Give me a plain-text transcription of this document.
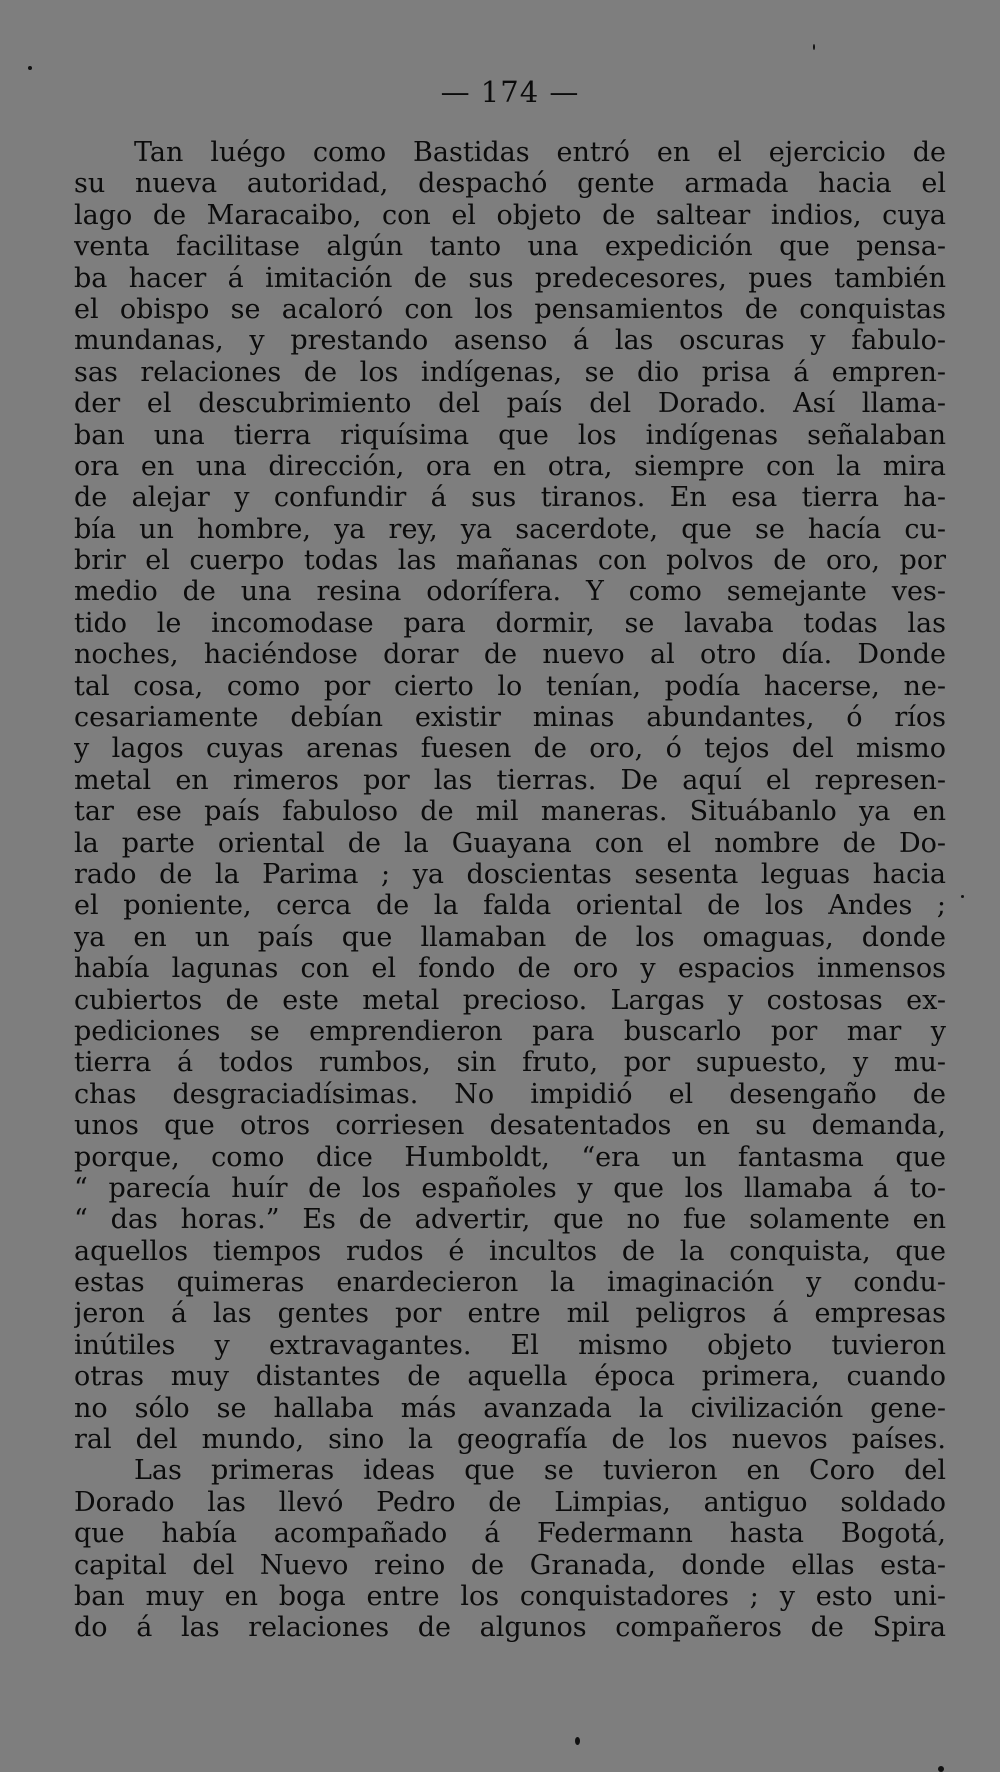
— 174 —
Tan luégo como Bastidas entró en el ejercicio de
su nueva autoridad, despachó gente armada hacia el
lago de Maracaibo, con el objeto de saltear indios, cuya
venta facilitase algún tanto una expedición que pensa-
ba hacer á imitación de sus predecesores, pues también
el obispo se acaloró con los pensamientos de conquistas
mundanas, y prestando asenso á las oscuras y fabulo-
sas relaciones de los indígenas, se dio prisa á empren-
der el descubrimiento del país del Dorado. Así llama-
ban una tierra riquísima que los indígenas señalaban
ora en una dirección, ora en otra, siempre con la mira
de alejar y confundir á sus tiranos. En esa tierra ha-
bía un hombre, ya rey, ya sacerdote, que se hacía cu-
brir el cuerpo todas las mañanas con polvos de oro, por
medio de una resina odorífera. Y como semejante ves-
tido le incomodase para dormir, se lavaba todas las
noches, haciéndose dorar de nuevo al otro día. Donde
tal cosa, como por cierto lo tenían, podía hacerse, ne-
cesariamente debían existir minas abundantes, ó ríos
y lagos cuyas arenas fuesen de oro, ó tejos del mismo
metal en rimeros por las tierras. De aquí el represen-
tar ese país fabuloso de mil maneras. Situábanlo ya en
la parte oriental de la Guayana con el nombre de Do-
rado de la Parima ; ya doscientas sesenta leguas hacia
el poniente, cerca de la falda oriental de los Andes ;
ya en un país que llamaban de los omaguas, donde
había lagunas con el fondo de oro y espacios inmensos
cubiertos de este metal precioso. Largas y costosas ex-
pediciones se emprendieron para buscarlo por mar y
tierra á todos rumbos, sin fruto, por supuesto, y mu-
chas desgraciadísimas. No impidió el desengaño de
unos que otros corriesen desatentados en su demanda,
porque, como dice Humboldt, “era un fantasma que
“ parecía huír de los españoles y que los llamaba á to-
“ das horas.” Es de advertir, que no fue solamente en
aquellos tiempos rudos é incultos de la conquista, que
estas quimeras enardecieron la imaginación y condu-
jeron á las gentes por entre mil peligros á empresas
inútiles y extravagantes. El mismo objeto tuvieron
otras muy distantes de aquella época primera, cuando
no sólo se hallaba más avanzada la civilización gene-
ral del mundo, sino la geografía de los nuevos países.
Las primeras ideas que se tuvieron en Coro del
Dorado las llevó Pedro de Limpias, antiguo soldado
que había acompañado á Federmann hasta Bogotá,
capital del Nuevo reino de Granada, donde ellas esta-
ban muy en boga entre los conquistadores ; y esto uni-
do á las relaciones de algunos compañeros de Spira
